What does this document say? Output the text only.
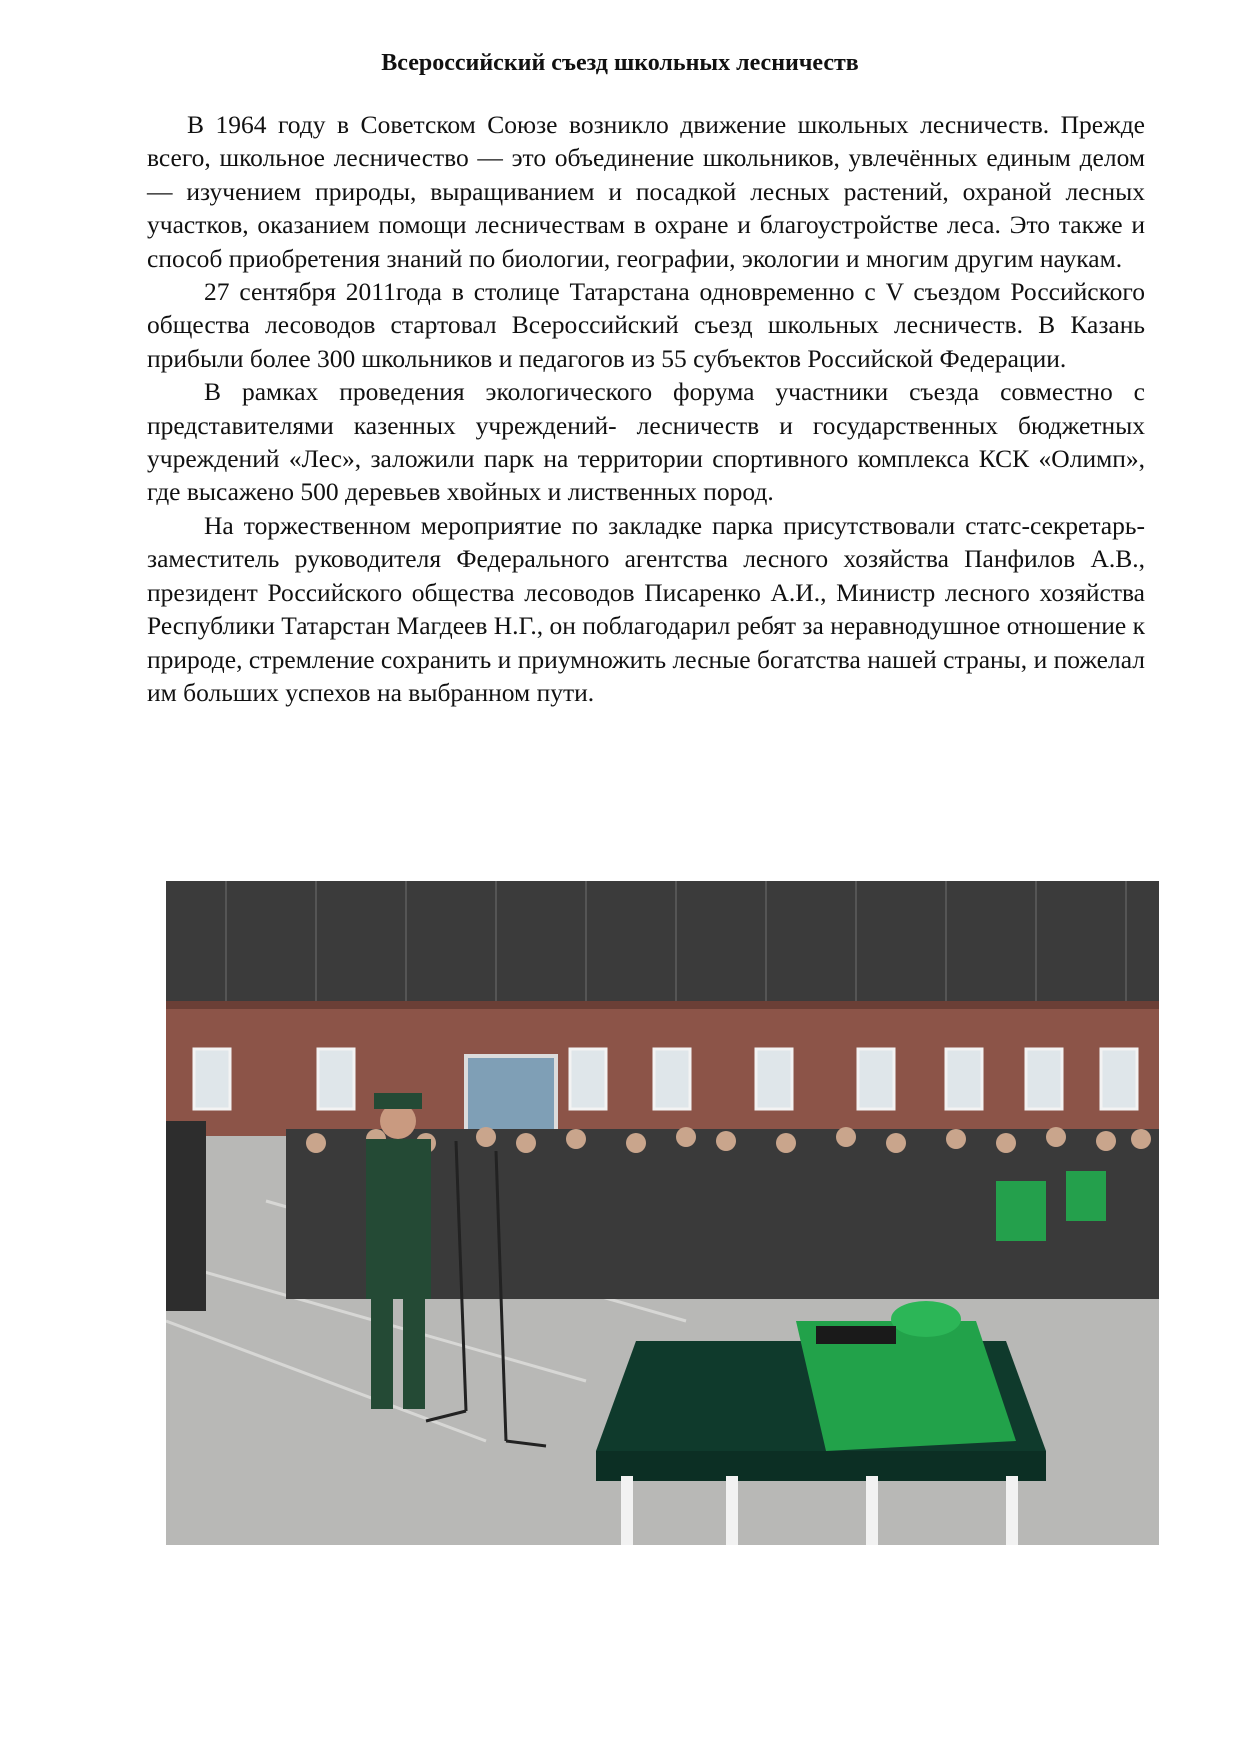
Всероссийский съезд школьных лесничеств

В 1964 году в Советском Союзе возникло движение школьных лесничеств. Прежде всего, школьное лесничество — это объединение школьников, увлечённых единым делом — изучением природы, выращиванием и посадкой лесных растений, охраной лесных участков, оказанием помощи лесничествам в охране и благоустройстве леса. Это также и способ приобретения знаний по биологии, географии, экологии и многим другим наукам.

27 сентября 2011года в столице Татарстана одновременно с V съездом Российского общества лесоводов стартовал Всероссийский съезд школьных лесничеств. В Казань прибыли более 300 школьников и педагогов из 55 субъектов Российской Федерации.

В рамках проведения экологического форума участники съезда совместно с представителями казенных учреждений- лесничеств и государственных бюджетных учреждений «Лес», заложили парк на территории спортивного комплекса КСК «Олимп», где высажено 500 деревьев хвойных и лиственных пород.

На торжественном мероприятие по закладке парка присутствовали статс-секретарь-заместитель руководителя Федерального агентства лесного хозяйства Панфилов А.В., президент Российского общества лесоводов Писаренко А.И., Министр лесного хозяйства Республики Татарстан Магдеев Н.Г., он поблагодарил ребят за неравнодушное отношение к природе, стремление сохранить и приумножить лесные богатства нашей страны, и пожелал им больших успехов на выбранном пути.
